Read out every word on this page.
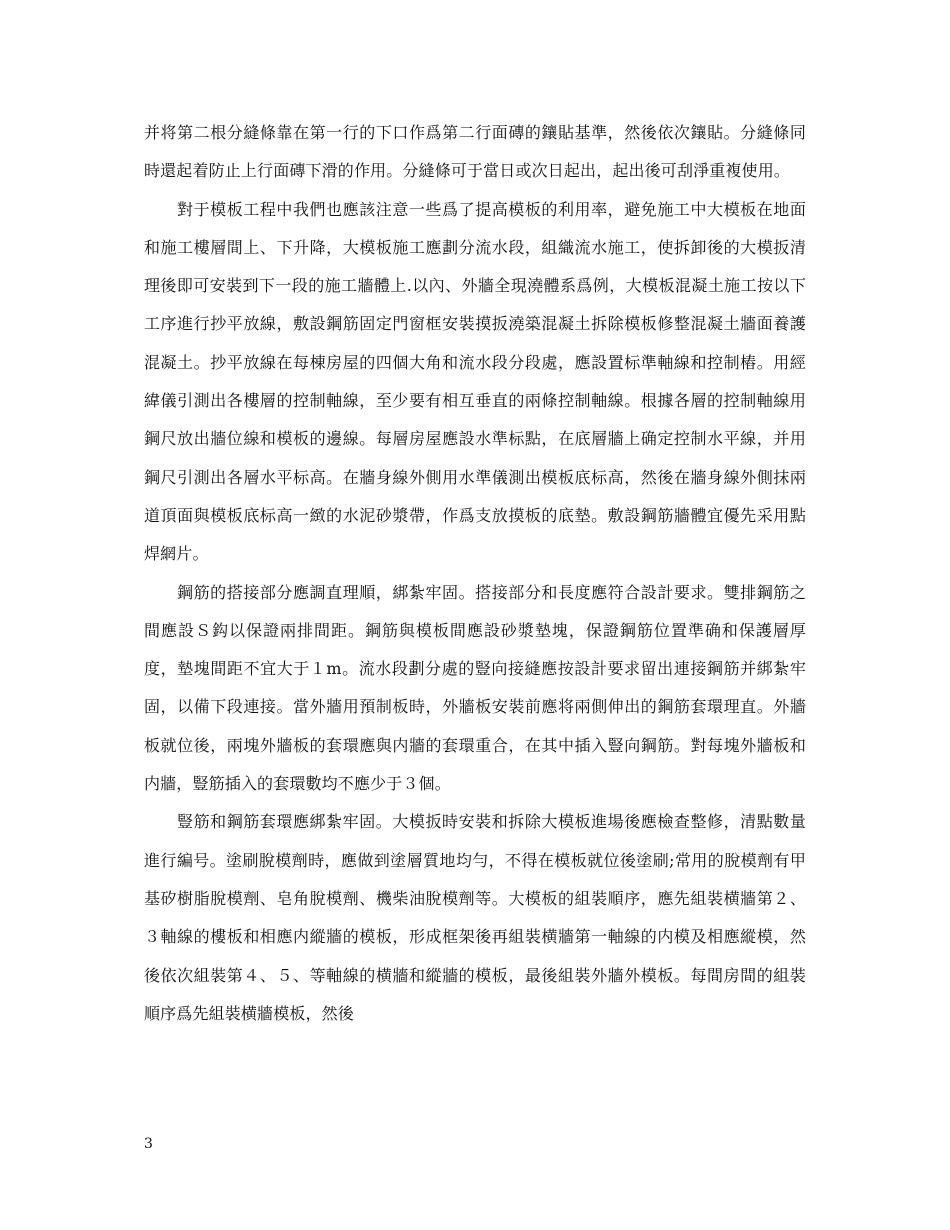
并将第二根分縫條靠在第一行的下口作爲第二行面磚的鑲貼基準，然後依次鑲貼。分縫條同時還起着防止上行面磚下滑的作用。分縫條可于當日或次日起出，起出後可刮淨重複使用。

對于模板工程中我們也應該注意一些爲了提高模板的利用率，避免施工中大模板在地面和施工樓層間上、下升降，大模板施工應劃分流水段，組織流水施工，使拆卸後的大模扳清理後即可安裝到下一段的施工牆體上.以內、外牆全現澆體系爲例，大模板混凝土施工按以下工序進行抄平放線，敷設鋼筋固定門窗框安裝摸扳澆築混凝土拆除模板修整混凝土牆面養護混凝土。抄平放線在每棟房屋的四個大角和流水段分段處，應設置标準軸線和控制樁。用經緯儀引測出各樓層的控制軸線，至少要有相互垂直的兩條控制軸線。根據各層的控制軸線用鋼尺放出牆位線和模板的邊線。每層房屋應設水準标點，在底層牆上确定控制水平線，并用鋼尺引測出各層水平标高。在牆身線外側用水準儀測出模板底标高，然後在牆身線外側抹兩道頂面與模板底标高一緻的水泥砂漿帶，作爲支放摸板的底墊。敷設鋼筋牆體宜優先采用點焊網片。

鋼筋的搭接部分應調直理順，綁紮牢固。搭接部分和長度應符合設計要求。雙排鋼筋之間應設Ｓ鈎以保證兩排間距。鋼筋與模板間應設砂漿墊塊，保證鋼筋位置準确和保護層厚度，墊塊間距不宜大于１m。流水段劃分處的豎向接縫應按設計要求留出連接鋼筋并綁紮牢固，以備下段連接。當外牆用預制板時，外牆板安裝前應将兩側伸出的鋼筋套環理直。外牆板就位後，兩塊外牆板的套環應與内牆的套環重合，在其中插入豎向鋼筋。對每塊外牆板和内牆，豎筋插入的套環數均不應少于３個。

豎筋和鋼筋套環應綁紮牢固。大模扳時安裝和拆除大模板進場後應檢查整修，清點數量進行編号。塗刷脫模劑時，應做到塗層質地均勻，不得在模板就位後塗刷;常用的脫模劑有甲基矽樹脂脫模劑、皂角脫模劑、機柴油脫模劑等。大模板的組裝順序，應先組裝横牆第２、３軸線的樓板和相應内縱牆的模板，形成框架後再組裝横牆第一軸線的内模及相應縱模，然後依次組裝第４、５、等軸線的横牆和縱牆的模板，最後組裝外牆外模板。每間房間的組裝順序爲先組裝横牆模板，然後

3
